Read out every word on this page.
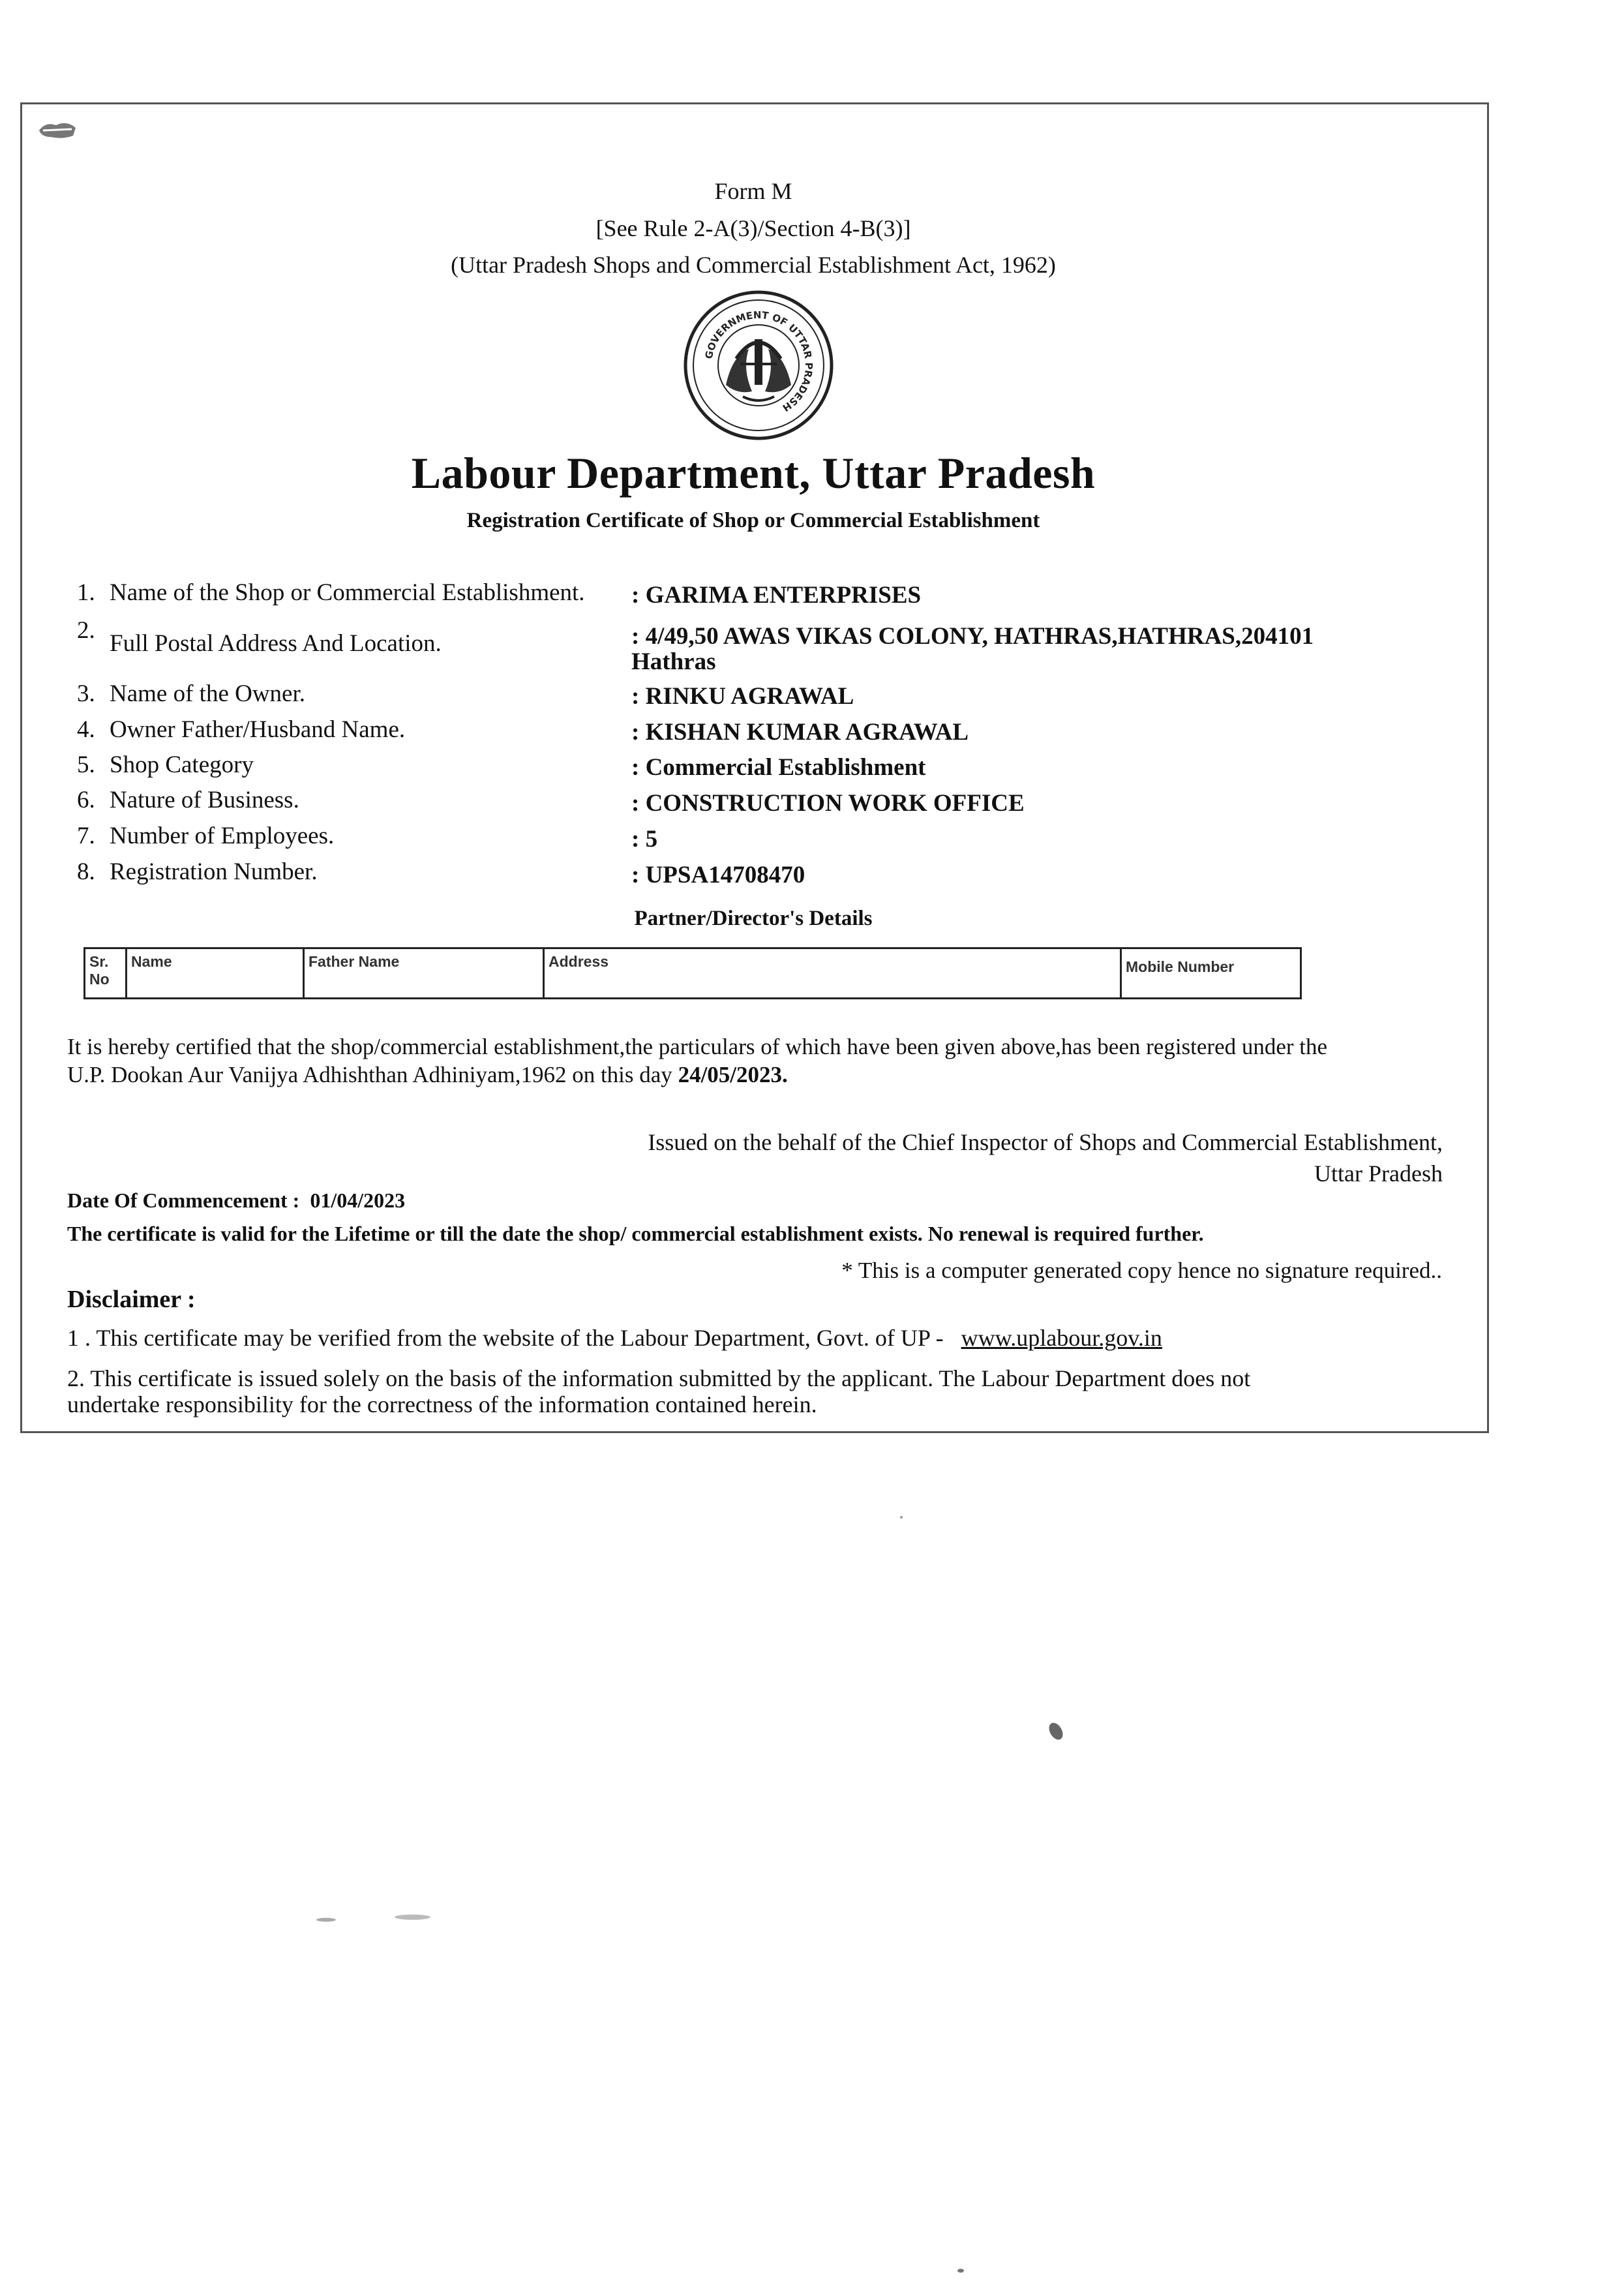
Form M
[See Rule 2-A(3)/Section 4-B(3)]
(Uttar Pradesh Shops and Commercial Establishment Act, 1962)
GOVERNMENT OF UTTAR PRADESH
Labour Department, Uttar Pradesh
Registration Certificate of Shop or Commercial Establishment
1. Name of the Shop or Commercial Establishment. : GARIMA ENTERPRISES
2. Full Postal Address And Location.	: 4/49,50 AWAS VIKAS COLONY, HATHRAS,HATHRAS,204101
Hathras
3. Name of the Owner.	: RINKU AGRAWAL
4. Owner Father/Husband Name.	: KISHAN KUMAR AGRAWAL
5. Shop Category	: Commercial Establishment
6. Nature of Business.	: CONSTRUCTION WORK OFFICE
7. Number of Employees.	: 5
8. Registration Number.	: UPSA14708470
Partner/Director's Details
Sr. No	Name	Father Name	Address	Mobile Number
It is hereby certified that the shop/commercial establishment,the particulars of which have been given above,has been registered under the
U.P. Dookan Aur Vanijya Adhishthan Adhiniyam,1962 on this day 24/05/2023.
Issued on the behalf of the Chief Inspector of Shops and Commercial Establishment,
Uttar Pradesh
Date Of Commencement : 01/04/2023
The certificate is valid for the Lifetime or till the date the shop/ commercial establishment exists. No renewal is required further.
* This is a computer generated copy hence no signature required..
Disclaimer :
1 . This certificate may be verified from the website of the Labour Department, Govt. of UP - www.uplabour.gov.in
2. This certificate is issued solely on the basis of the information submitted by the applicant. The Labour Department does not
undertake responsibility for the correctness of the information contained herein.
